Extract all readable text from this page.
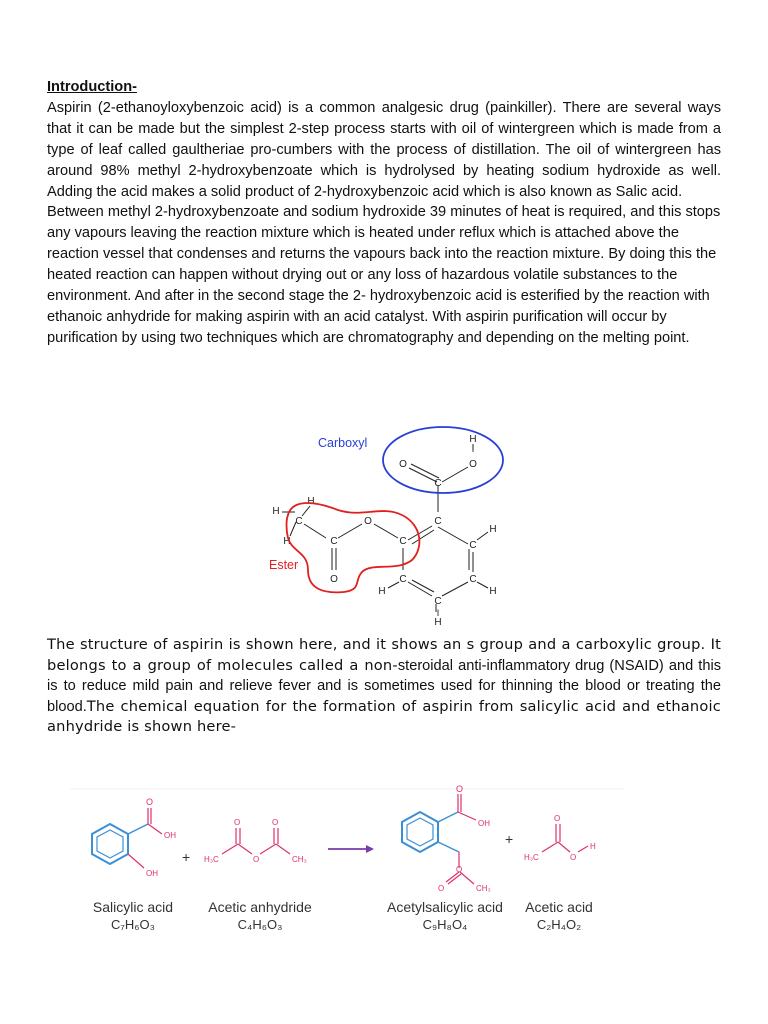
Introduction-

Aspirin (2-ethanoyloxybenzoic acid) is a common analgesic drug (painkiller). There are several ways that it can be made but the simplest 2-step process starts with oil of wintergreen which is made from a type of leaf called gaultheriae pro-cumbers with the process of distillation. The oil of wintergreen has around 98% methyl 2-hydroxybenzoate which is hydrolysed by heating sodium hydroxide as well. Adding the acid makes a solid product of 2-hydroxybenzoic acid which is also known as Salic acid.

Between methyl 2-hydroxybenzoate and sodium hydroxide 39 minutes of heat is required, and this stops any vapours leaving the reaction mixture which is heated under reflux which is attached above the reaction vessel that condenses and returns the vapours back into the reaction mixture. By doing this the heated reaction can happen without drying out or any loss of hazardous volatile substances to the environment. And after in the second stage the 2- hydroxybenzoic acid is esterified by the reaction with ethanoic anhydride for making aspirin with an acid catalyst. With aspirin purification will occur by purification by using two techniques which are chromatography and depending on the melting point.

H
I
O
O
C
C
H
C
C
H
C
I
H
C
H
C
O
C
O
C
H
H
H
Carboxyl
Ester

The structure of aspirin is shown here, and it shows an s group and a carboxylic group. It belongs to a group of molecules called a non-steroidal anti-inflammatory drug (NSAID) and this is to reduce mild pain and relieve fever and is sometimes used for thinning the blood or treating the blood.The chemical equation for the formation of aspirin from salicylic acid and ethanoic anhydride is shown here-

O
OH
OH
+ H₃C
O
O
O
CH₃
O
OH
O
O	CH₃
+
H₃C
O
O
H
Salicylic acid
C₇H₆O₃
Acetic anhydride
C₄H₆O₃
Acetylsalicylic acid
C₉H₈O₄
Acetic acid
C₂H₄O₂
